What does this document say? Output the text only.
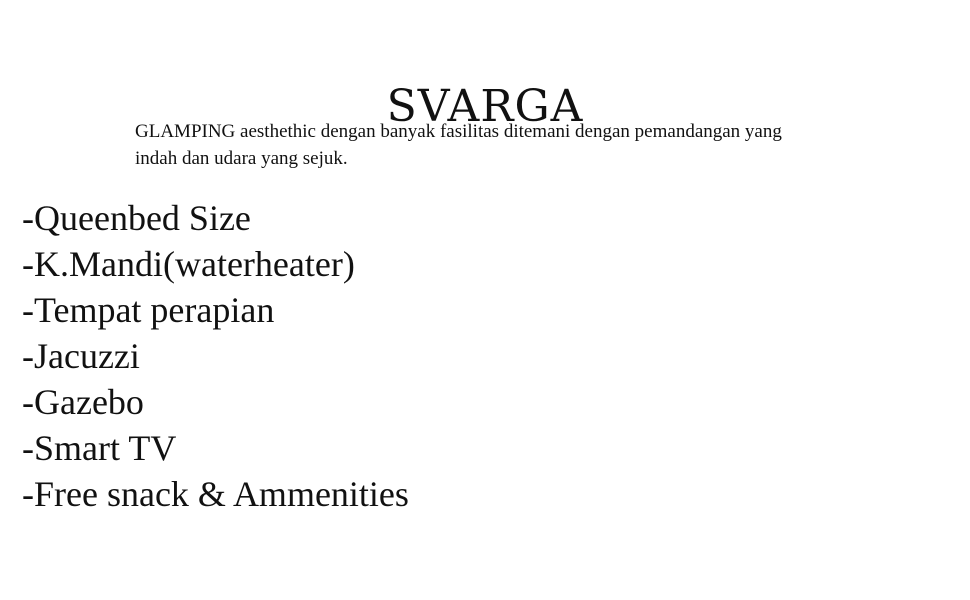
SVARGA
GLAMPING aesthethic dengan banyak fasilitas ditemani dengan pemandangan yang indah dan udara yang sejuk.
-Queenbed Size
-K.Mandi(waterheater)
-Tempat perapian
-Jacuzzi
-Gazebo
-Smart TV
-Free snack & Ammenities
